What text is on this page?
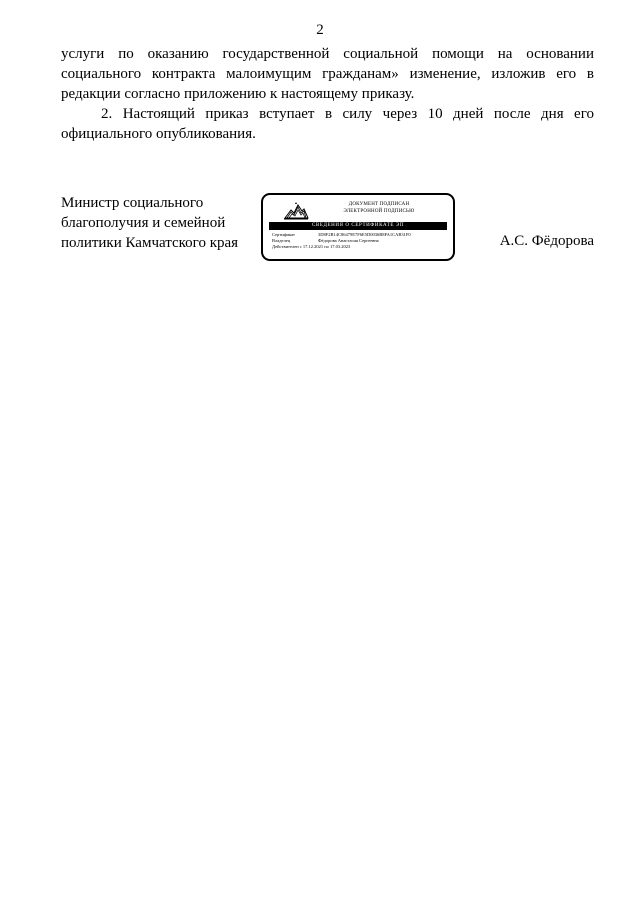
2

услуги по оказанию государственной социальной помощи на основании социального контракта малоимущим гражданам» изменение, изложив его в редакции согласно приложению к настоящему приказу.

2. Настоящий приказ вступает в силу через 10 дней после дня его официального опубликования.

Министр социального
благополучия и семейной
политики Камчатского края
ДОКУМЕНТ ПОДПИСАН
ЭЛЕКТРОННОЙ ПОДПИСЬЮ
СВЕДЕНИЯ О СЕРТИФИКАТЕ ЭП
Сертификат	3D8F2B14C86479E7F6E5D0036B8FA1CAB31F0
Владелец	Фёдорова Анастасия Сергеевна
Действителен с 17.12.2021 по 17.03.2023	А.С. Фёдорова
